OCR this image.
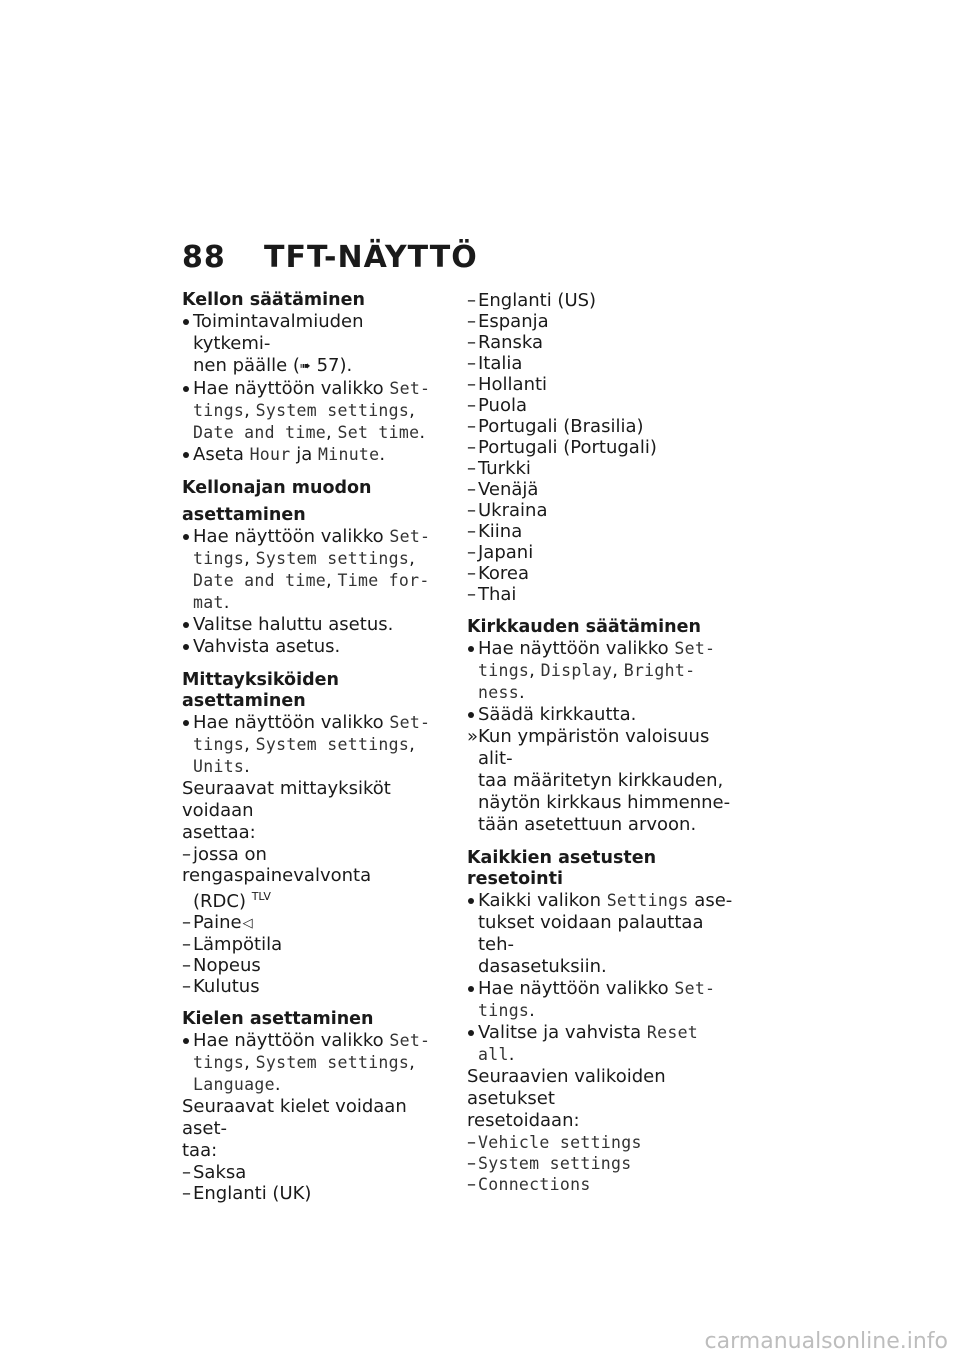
88	TFT-NÄYTTÖ
Kellon säätäminen
Toimintavalmiuden kytkemi-
nen päälle (➠ 57).
Hae näyttöön valikko Set-
tings, System settings,
Date and time, Set time.
Aseta Hour ja Minute.
Kellonajan muodon
asettaminen
Hae näyttöön valikko Set-
tings, System settings,
Date and time, Time for-
mat.
Valitse haluttu asetus.
Vahvista asetus.
Mittayksiköiden asettaminen
Hae näyttöön valikko Set-
tings, System settings,
Units.
Seuraavat mittayksiköt voidaan
asettaa:
– jossa on rengaspainevalvonta
(RDC) $^{TLV}$
– Paine◁
– Lämpötila
– Nopeus
– Kulutus
Kielen asettaminen
Hae näyttöön valikko Set-
tings, System settings,
Language.
Seuraavat kielet voidaan aset-
taa:
– Saksa
– Englanti (UK)
– Englanti (US)
– Espanja
– Ranska
– Italia
– Hollanti
– Puola
– Portugali (Brasilia)
– Portugali (Portugali)
– Turkki
– Venäjä
– Ukraina
– Kiina
– Japani
– Korea
– Thai
Kirkkauden säätäminen
Hae näyttöön valikko Set-
tings, Display, Bright-
ness.
Säädä kirkkautta.
» Kun ympäristön valoisuus alit-
taa määritetyn kirkkauden,
näytön kirkkaus himmenne-
tään asetettuun arvoon.
Kaikkien asetusten resetointi
Kaikki valikon Settings ase-
tukset voidaan palauttaa teh-
dasasetuksiin.
Hae näyttöön valikko Set-
tings.
Valitse ja vahvista Reset
all.
Seuraavien valikoiden asetukset
resetoidaan:
– Vehicle settings
– System settings
– Connections
carmanualsonline.info
